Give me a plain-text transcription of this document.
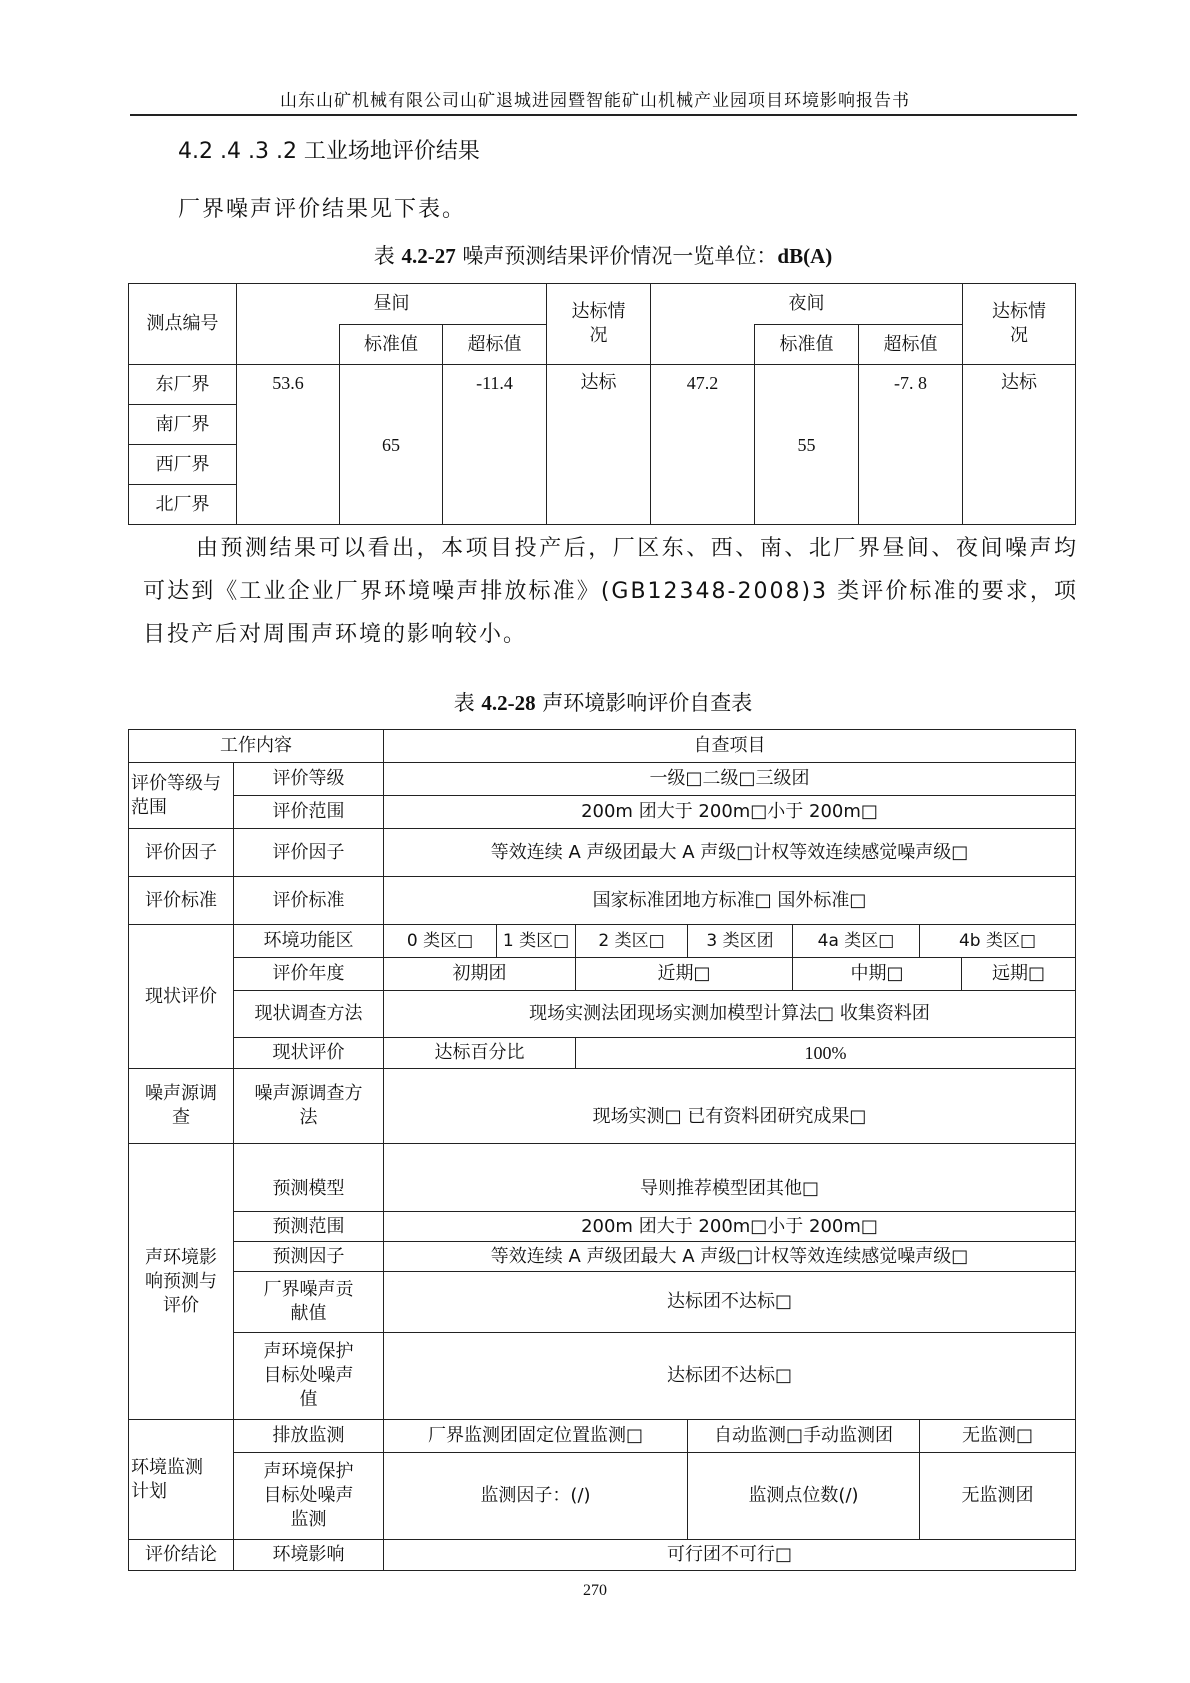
山东山矿机械有限公司山矿退城进园暨智能矿山机械产业园项目环境影响报告书
4.2 .4 .3 .2 工业场地评价结果
厂界噪声评价结果见下表。
表 4.2-27 噪声预测结果评价情况一览单位：dB(A)
测点编号	昼间			达标情况	夜间			达标情况
		标准值	超标值			标准值	超标值	
东厂界	53.6	65	-11.4	达标	47.2	55	-7. 8	达标
南厂界								
西厂界								
北厂界								
由预测结果可以看出，本项目投产后，厂区东、西、南、北厂界昼间、夜间噪声均可达到《工业企业厂界环境噪声排放标准》(GB12348-2008)3 类评价标准的要求，项目投产后对周围声环境的影响较小。
表 4.2-28 声环境影响评价自查表
工作内容		自查项目						
评价等级与范围	评价等级	一级□二级□三级团						
	评价范围	200m 团大于 200m□小于 200m□						
评价因子	评价因子	等效连续 A 声级团最大 A 声级□计权等效连续感觉噪声级□						
评价标准	评价标准	国家标准团地方标准□ 国外标准□						
现状评价	环境功能区	0 类区□	1 类区□	2 类区□	3 类区团	4a 类区□	4b 类区□	
	评价年度	初期团		近期□		中期□		远期□
	现状调查方法	现场实测法团现场实测加模型计算法□ 收集资料团						
	现状评价	达标百分比		100%				
噪声源调查	噪声源调查方法	现场实测□ 已有资料团研究成果□						
声环境影响预测与评价	预测模型	导则推荐模型团其他□						
	预测范围	200m 团大于 200m□小于 200m□						
	预测因子	等效连续 A 声级团最大 A 声级□计权等效连续感觉噪声级□						
	厂界噪声贡献值	达标团不达标□						
	声环境保护目标处噪声值	达标团不达标□						
环境监测计划	排放监测	厂界监测团固定位置监测□			自动监测□手动监测团		无监测□	
	声环境保护目标处噪声监测	监测因子：(/)			监测点位数(/)		无监测团	
评价结论	环境影响	可行团不可行□						
270
